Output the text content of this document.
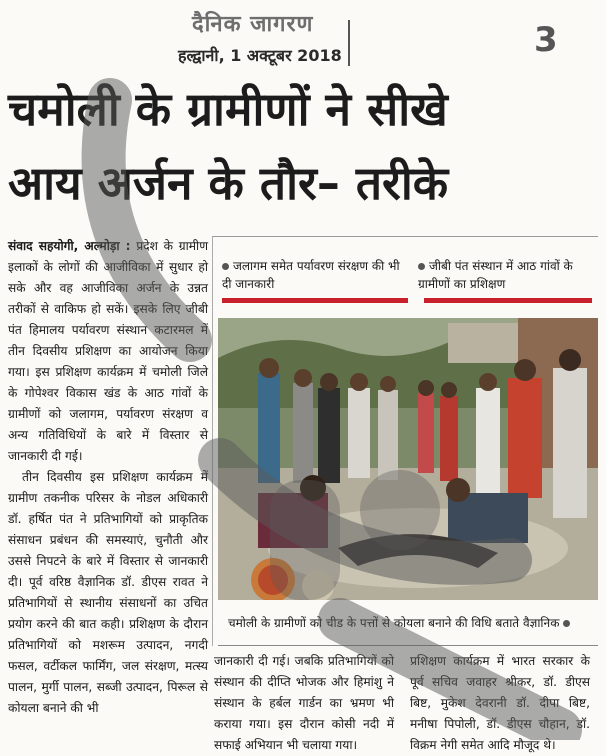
दैनिक जागरण
हल्द्वानी, 1 अक्टूबर 2018	3
चमोली के ग्रामीणों ने सीखे
आय अर्जन के तौर– तरीके

संवाद सहयोगी, अल्मोड़ा : प्रदेश के ग्रामीण इलाकों के लोगों की आजीविका में सुधार हो सके और वह आजीविका अर्जन के उन्नत तरीकों से वाकिफ हो सकें। इसके लिए जीबी पंत हिमालय पर्यावरण संस्थान कटारमल में तीन दिवसीय प्रशिक्षण का आयोजन किया गया। इस प्रशिक्षण कार्यक्रम में चमोली जिले के गोपेश्वर विकास खंड के आठ गांवों के ग्रामीणों को जलागम, पर्यावरण संरक्षण व अन्य गतिविधियों के बारे में विस्तार से जानकारी दी गई।

तीन दिवसीय इस प्रशिक्षण कार्यक्रम में ग्रामीण तकनीक परिसर के नोडल अधिकारी डॉ. हर्षित पंत ने प्रतिभागियों को प्राकृतिक संसाधन प्रबंधन की समस्याएं, चुनौती और उससे निपटने के बारे में विस्तार से जानकारी दी। पूर्व वरिष्ठ वैज्ञानिक डॉ. डीएस रावत ने प्रतिभागियों से स्थानीय संसाधनों का उचित प्रयोग करने की बात कही। प्रशिक्षण के दौरान प्रतिभागियों को मशरूम उत्पादन, नगदी फसल, वर्टीकल फार्मिंग, जल संरक्षण, मत्स्य पालन, मुर्गी पालन, सब्जी उत्पादन, पिरूल से कोयला बनाने की भी

जलागम समेत पर्यावरण संरक्षण की भी दी जानकारी
जीबी पंत संस्थान में आठ गांवों के ग्रामीणों का प्रशिक्षण
चमोली के ग्रामीणों को चीड के पत्तों से कोयला बनाने की विधि बताते वैज्ञानिक
जानकारी दी गई। जबकि प्रतिभागियों को संस्थान की दीप्ति भोजक और हिमांशु ने संस्थान के हर्बल गार्डन का भ्रमण भी कराया गया। इस दौरान कोसी नदी में सफाई अभियान भी चलाया गया।
प्रशिक्षण कार्यक्रम में भारत सरकार के पूर्व सचिव जवाहर श्रीकर, डॉ. डीएस बिष्ट, मुकेश देवरानी डॉ. दीपा बिष्ट, मनीषा पिपोली, डॉ. डीएस चौहान, डॉ. विक्रम नेगी समेत आदि मौजूद थे।
